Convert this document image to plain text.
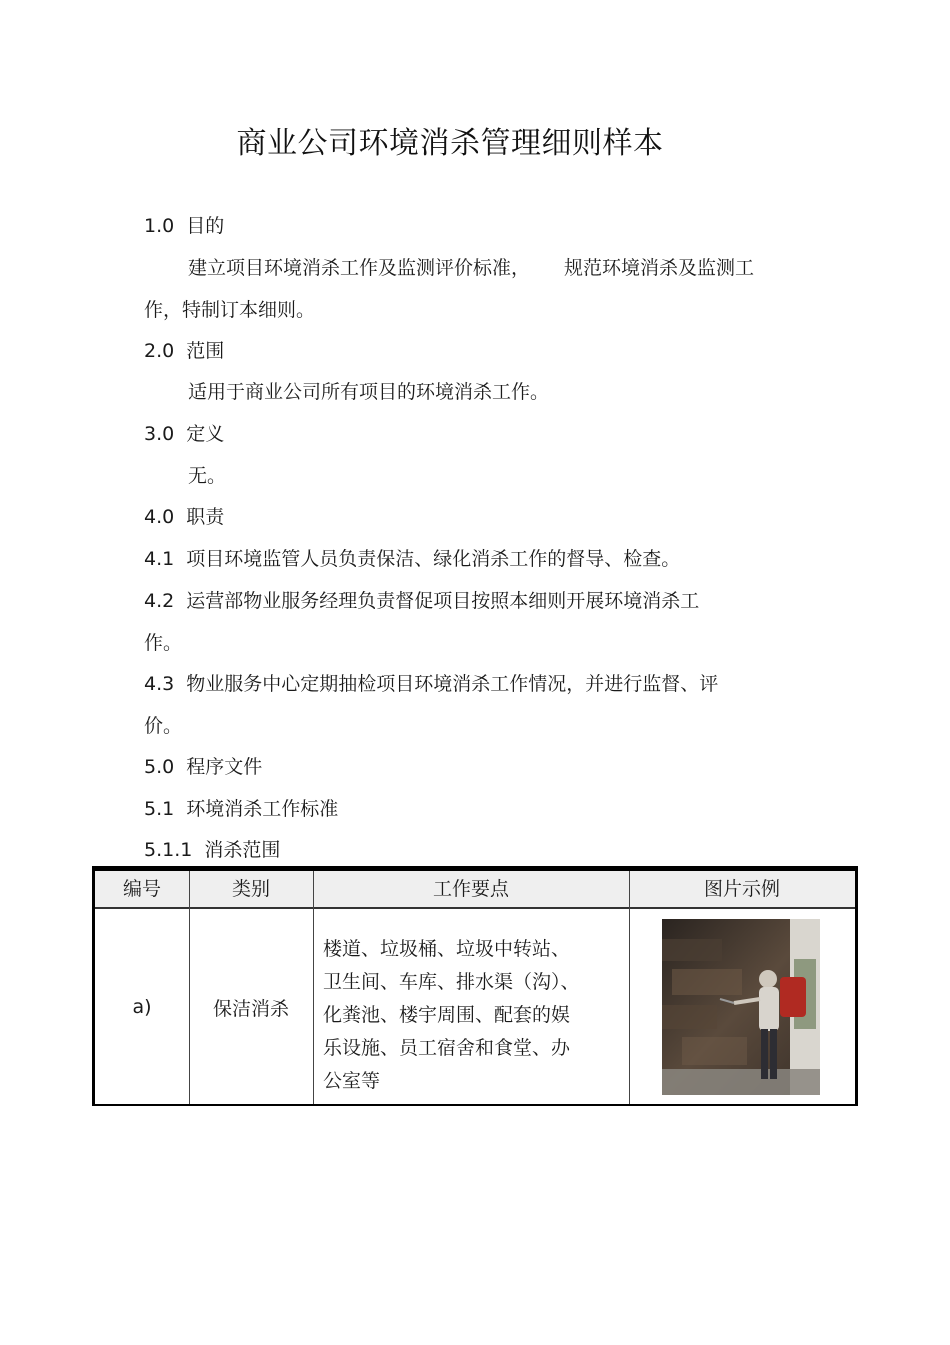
商业公司环境消杀管理细则样本
1.0 目的
建立项目环境消杀工作及监测评价标准， 规范环境消杀及监测工
作，特制订本细则。
2.0 范围
适用于商业公司所有项目的环境消杀工作。
3.0 定义
无。
4.0 职责
4.1 项目环境监管人员负责保洁、绿化消杀工作的督导、检查。
4.2 运营部物业服务经理负责督促项目按照本细则开展环境消杀工
作。
4.3 物业服务中心定期抽检项目环境消杀工作情况，并进行监督、评
价。
5.0 程序文件
5.1 环境消杀工作标准
5.1.1 消杀范围
编号	类别	工作要点	图片示例
a)	保洁消杀
楼道、垃圾桶、垃圾中转站、
卫生间、车库、排水渠（沟）、
化粪池、楼宇周围、配套的娱
乐设施、员工宿舍和食堂、办
公室等
